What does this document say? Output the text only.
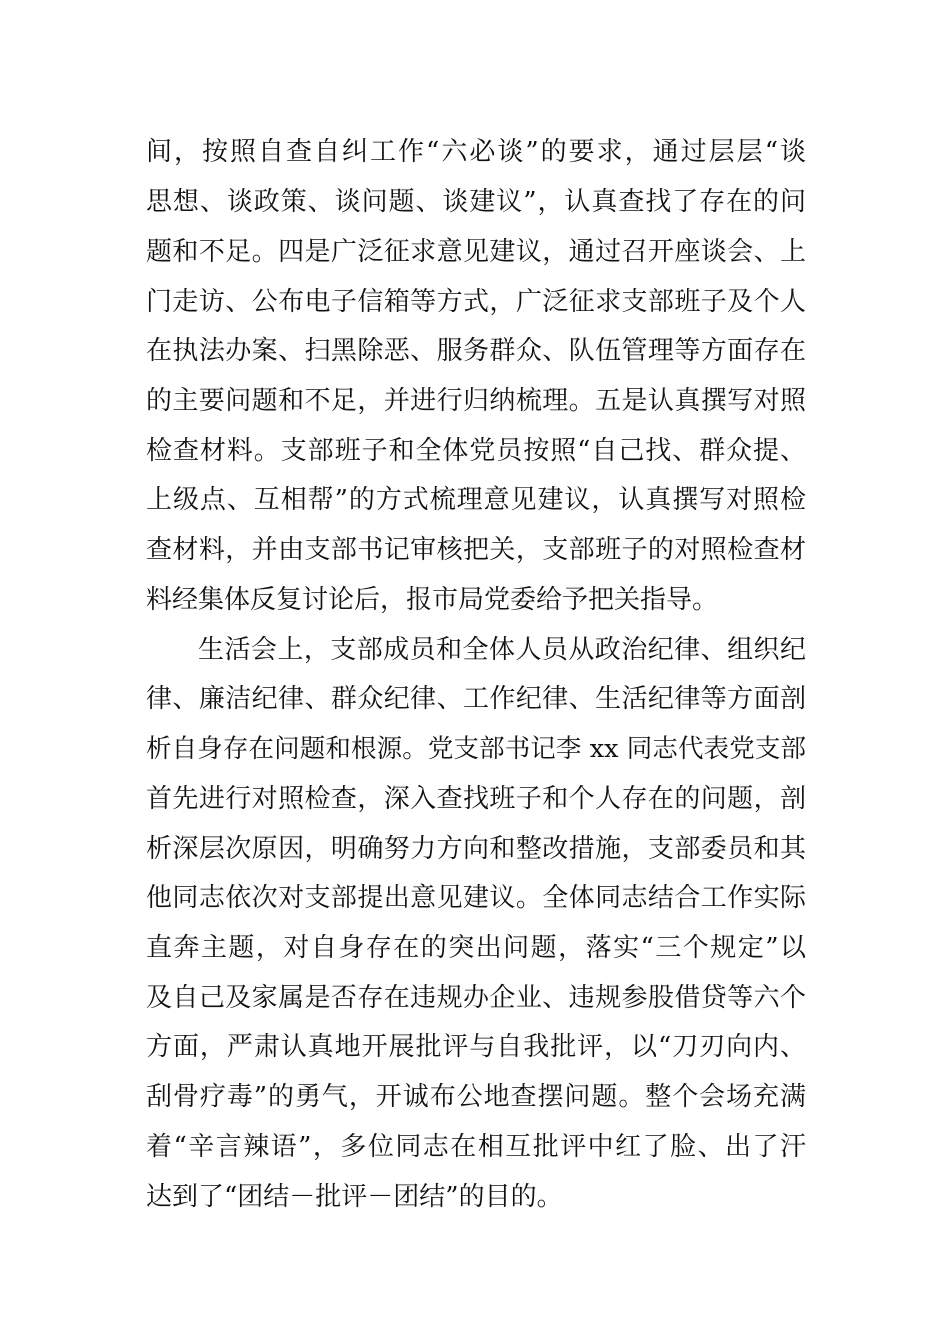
间，按照自查自纠工作“六必谈”的要求，通过层层“谈
思想、谈政策、谈问题、谈建议”，认真查找了存在的问
题和不足。四是广泛征求意见建议，通过召开座谈会、上
门走访、公布电子信箱等方式，广泛征求支部班子及个人
在执法办案、扫黑除恶、服务群众、队伍管理等方面存在
的主要问题和不足，并进行归纳梳理。五是认真撰写对照
检查材料。支部班子和全体党员按照“自己找、群众提、
上级点、互相帮”的方式梳理意见建议，认真撰写对照检
查材料，并由支部书记审核把关，支部班子的对照检查材
料经集体反复讨论后，报市局党委给予把关指导。
生活会上，支部成员和全体人员从政治纪律、组织纪
律、廉洁纪律、群众纪律、工作纪律、生活纪律等方面剖
析自身存在问题和根源。党支部书记李 xx 同志代表党支部
首先进行对照检查，深入查找班子和个人存在的问题，剖
析深层次原因，明确努力方向和整改措施，支部委员和其
他同志依次对支部提出意见建议。全体同志结合工作实际
直奔主题，对自身存在的突出问题，落实“三个规定”以
及自己及家属是否存在违规办企业、违规参股借贷等六个
方面，严肃认真地开展批评与自我批评，以“刀刃向内、
刮骨疗毒”的勇气，开诚布公地查摆问题。整个会场充满
着“辛言辣语”，多位同志在相互批评中红了脸、出了汗
达到了“团结－批评－团结”的目的。
